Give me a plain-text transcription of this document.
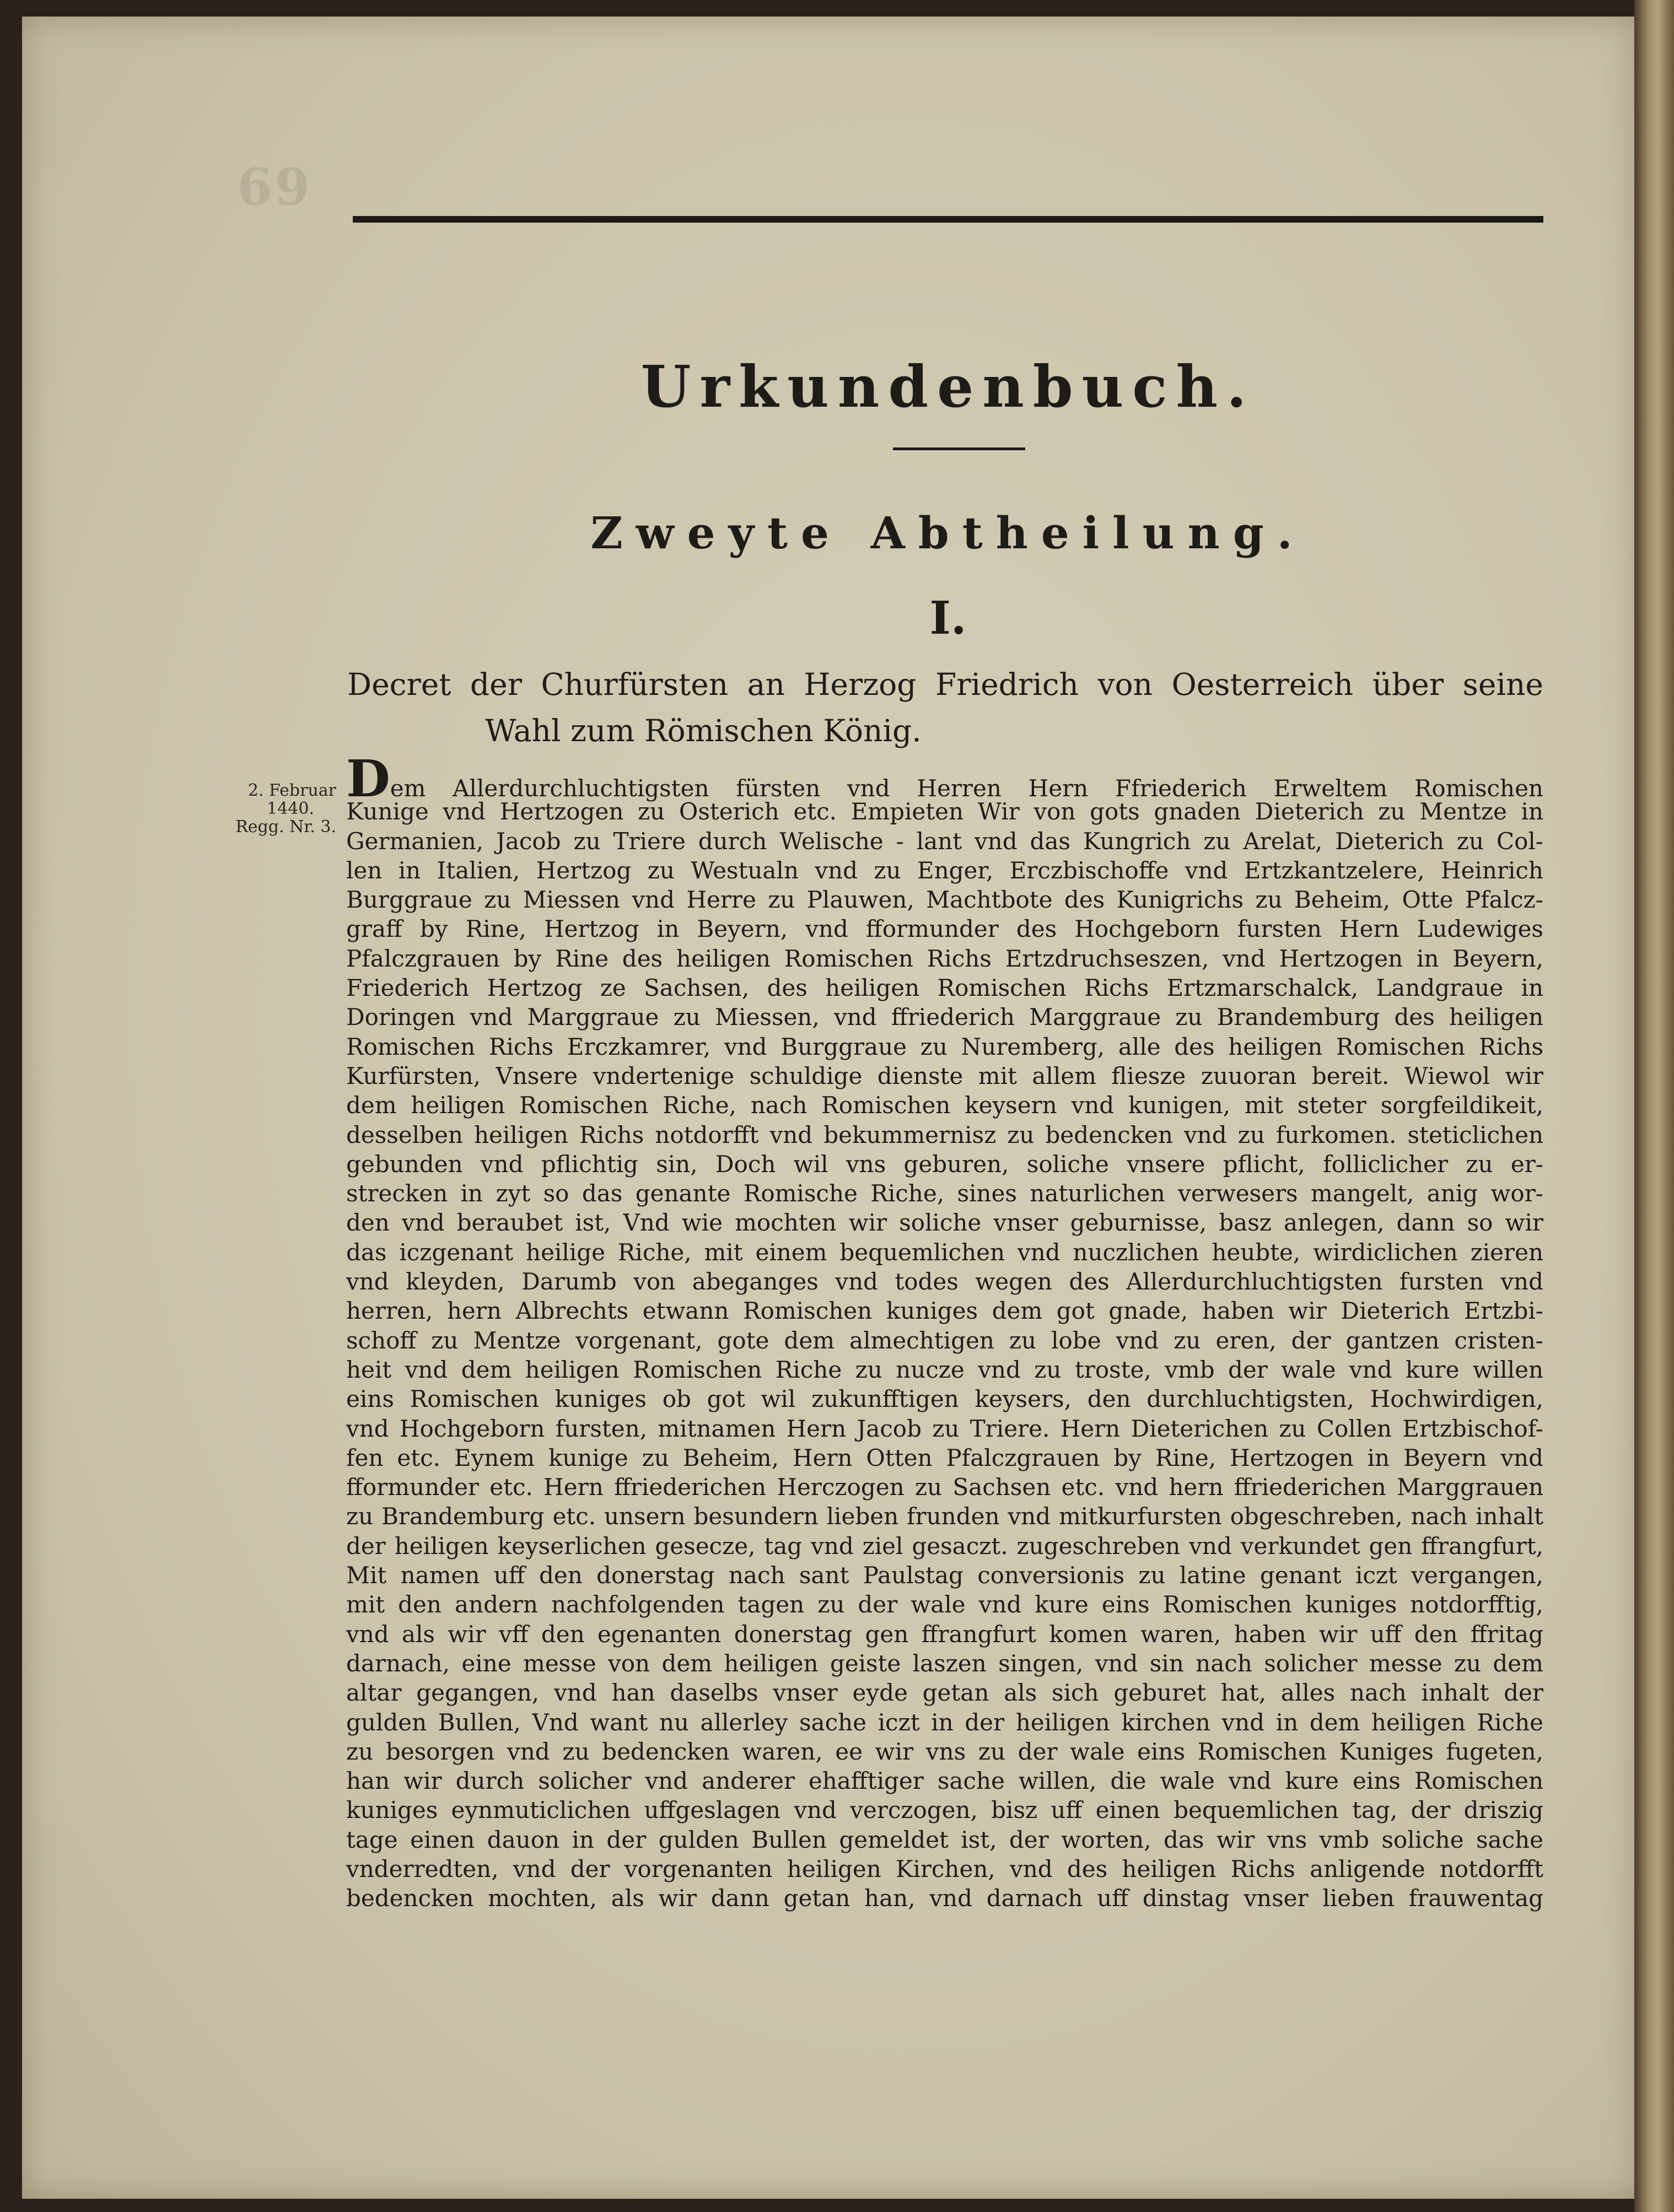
69
Urkundenbuch.
Zweyte Abtheilung.
I.
Decret der Churfürsten an Herzog Friedrich von Oesterreich über seine
Wahl zum Römischen König.
2. Februar
1440.
Regg. Nr. 3.
Dem Allerdurchluchtigsten fürsten vnd Herren Hern Ffriederich Erweltem Romischen
Kunige vnd Hertzogen zu Osterich etc. Empieten Wir von gots gnaden Dieterich zu Mentze in
Germanien, Jacob zu Triere durch Welische - lant vnd das Kungrich zu Arelat, Dieterich zu Col-
len in Italien, Hertzog zu Westualn vnd zu Enger, Erczbischoffe vnd Ertzkantzelere, Heinrich
Burggraue zu Miessen vnd Herre zu Plauwen, Machtbote des Kunigrichs zu Beheim, Otte Pfalcz-
graff by Rine, Hertzog in Beyern, vnd fformunder des Hochgeborn fursten Hern Ludewiges
Pfalczgrauen by Rine des heiligen Romischen Richs Ertzdruchseszen, vnd Hertzogen in Beyern,
Friederich Hertzog ze Sachsen, des heiligen Romischen Richs Ertzmarschalck, Landgraue in
Doringen vnd Marggraue zu Miessen, vnd ffriederich Marggraue zu Brandemburg des heiligen
Romischen Richs Erczkamrer, vnd Burggraue zu Nuremberg, alle des heiligen Romischen Richs
Kurfürsten, Vnsere vndertenige schuldige dienste mit allem fliesze zuuoran bereit. Wiewol wir
dem heiligen Romischen Riche, nach Romischen keysern vnd kunigen, mit steter sorgfeildikeit,
desselben heiligen Richs notdorfft vnd bekummernisz zu bedencken vnd zu furkomen. steticlichen
gebunden vnd pflichtig sin, Doch wil vns geburen, soliche vnsere pflicht, folliclicher zu er-
strecken in zyt so das genante Romische Riche, sines naturlichen verwesers mangelt, anig wor-
den vnd beraubet ist, Vnd wie mochten wir soliche vnser geburnisse, basz anlegen, dann so wir
das iczgenant heilige Riche, mit einem bequemlichen vnd nuczlichen heubte, wirdiclichen zieren
vnd kleyden, Darumb von abeganges vnd todes wegen des Allerdurchluchtigsten fursten vnd
herren, hern Albrechts etwann Romischen kuniges dem got gnade, haben wir Dieterich Ertzbi-
schoff zu Mentze vorgenant, gote dem almechtigen zu lobe vnd zu eren, der gantzen cristen-
heit vnd dem heiligen Romischen Riche zu nucze vnd zu troste, vmb der wale vnd kure willen
eins Romischen kuniges ob got wil zukunfftigen keysers, den durchluchtigsten, Hochwirdigen,
vnd Hochgeborn fursten, mitnamen Hern Jacob zu Triere. Hern Dieterichen zu Collen Ertzbischof-
fen etc. Eynem kunige zu Beheim, Hern Otten Pfalczgrauen by Rine, Hertzogen in Beyern vnd
fformunder etc. Hern ffriederichen Herczogen zu Sachsen etc. vnd hern ffriederichen Marggrauen
zu Brandemburg etc. unsern besundern lieben frunden vnd mitkurfursten obgeschreben, nach inhalt
der heiligen keyserlichen gesecze, tag vnd ziel gesaczt. zugeschreben vnd verkundet gen ffrangfurt,
Mit namen uff den donerstag nach sant Paulstag conversionis zu latine genant iczt vergangen,
mit den andern nachfolgenden tagen zu der wale vnd kure eins Romischen kuniges notdorfftig,
vnd als wir vff den egenanten donerstag gen ffrangfurt komen waren, haben wir uff den ffritag
darnach, eine messe von dem heiligen geiste laszen singen, vnd sin nach solicher messe zu dem
altar gegangen, vnd han daselbs vnser eyde getan als sich geburet hat, alles nach inhalt der
gulden Bullen, Vnd want nu allerley sache iczt in der heiligen kirchen vnd in dem heiligen Riche
zu besorgen vnd zu bedencken waren, ee wir vns zu der wale eins Romischen Kuniges fugeten,
han wir durch solicher vnd anderer ehafftiger sache willen, die wale vnd kure eins Romischen
kuniges eynmuticlichen uffgeslagen vnd verczogen, bisz uff einen bequemlichen tag, der driszig
tage einen dauon in der gulden Bullen gemeldet ist, der worten, das wir vns vmb soliche sache
vnderredten, vnd der vorgenanten heiligen Kirchen, vnd des heiligen Richs anligende notdorfft
bedencken mochten, als wir dann getan han, vnd darnach uff dinstag vnser lieben frauwentag
